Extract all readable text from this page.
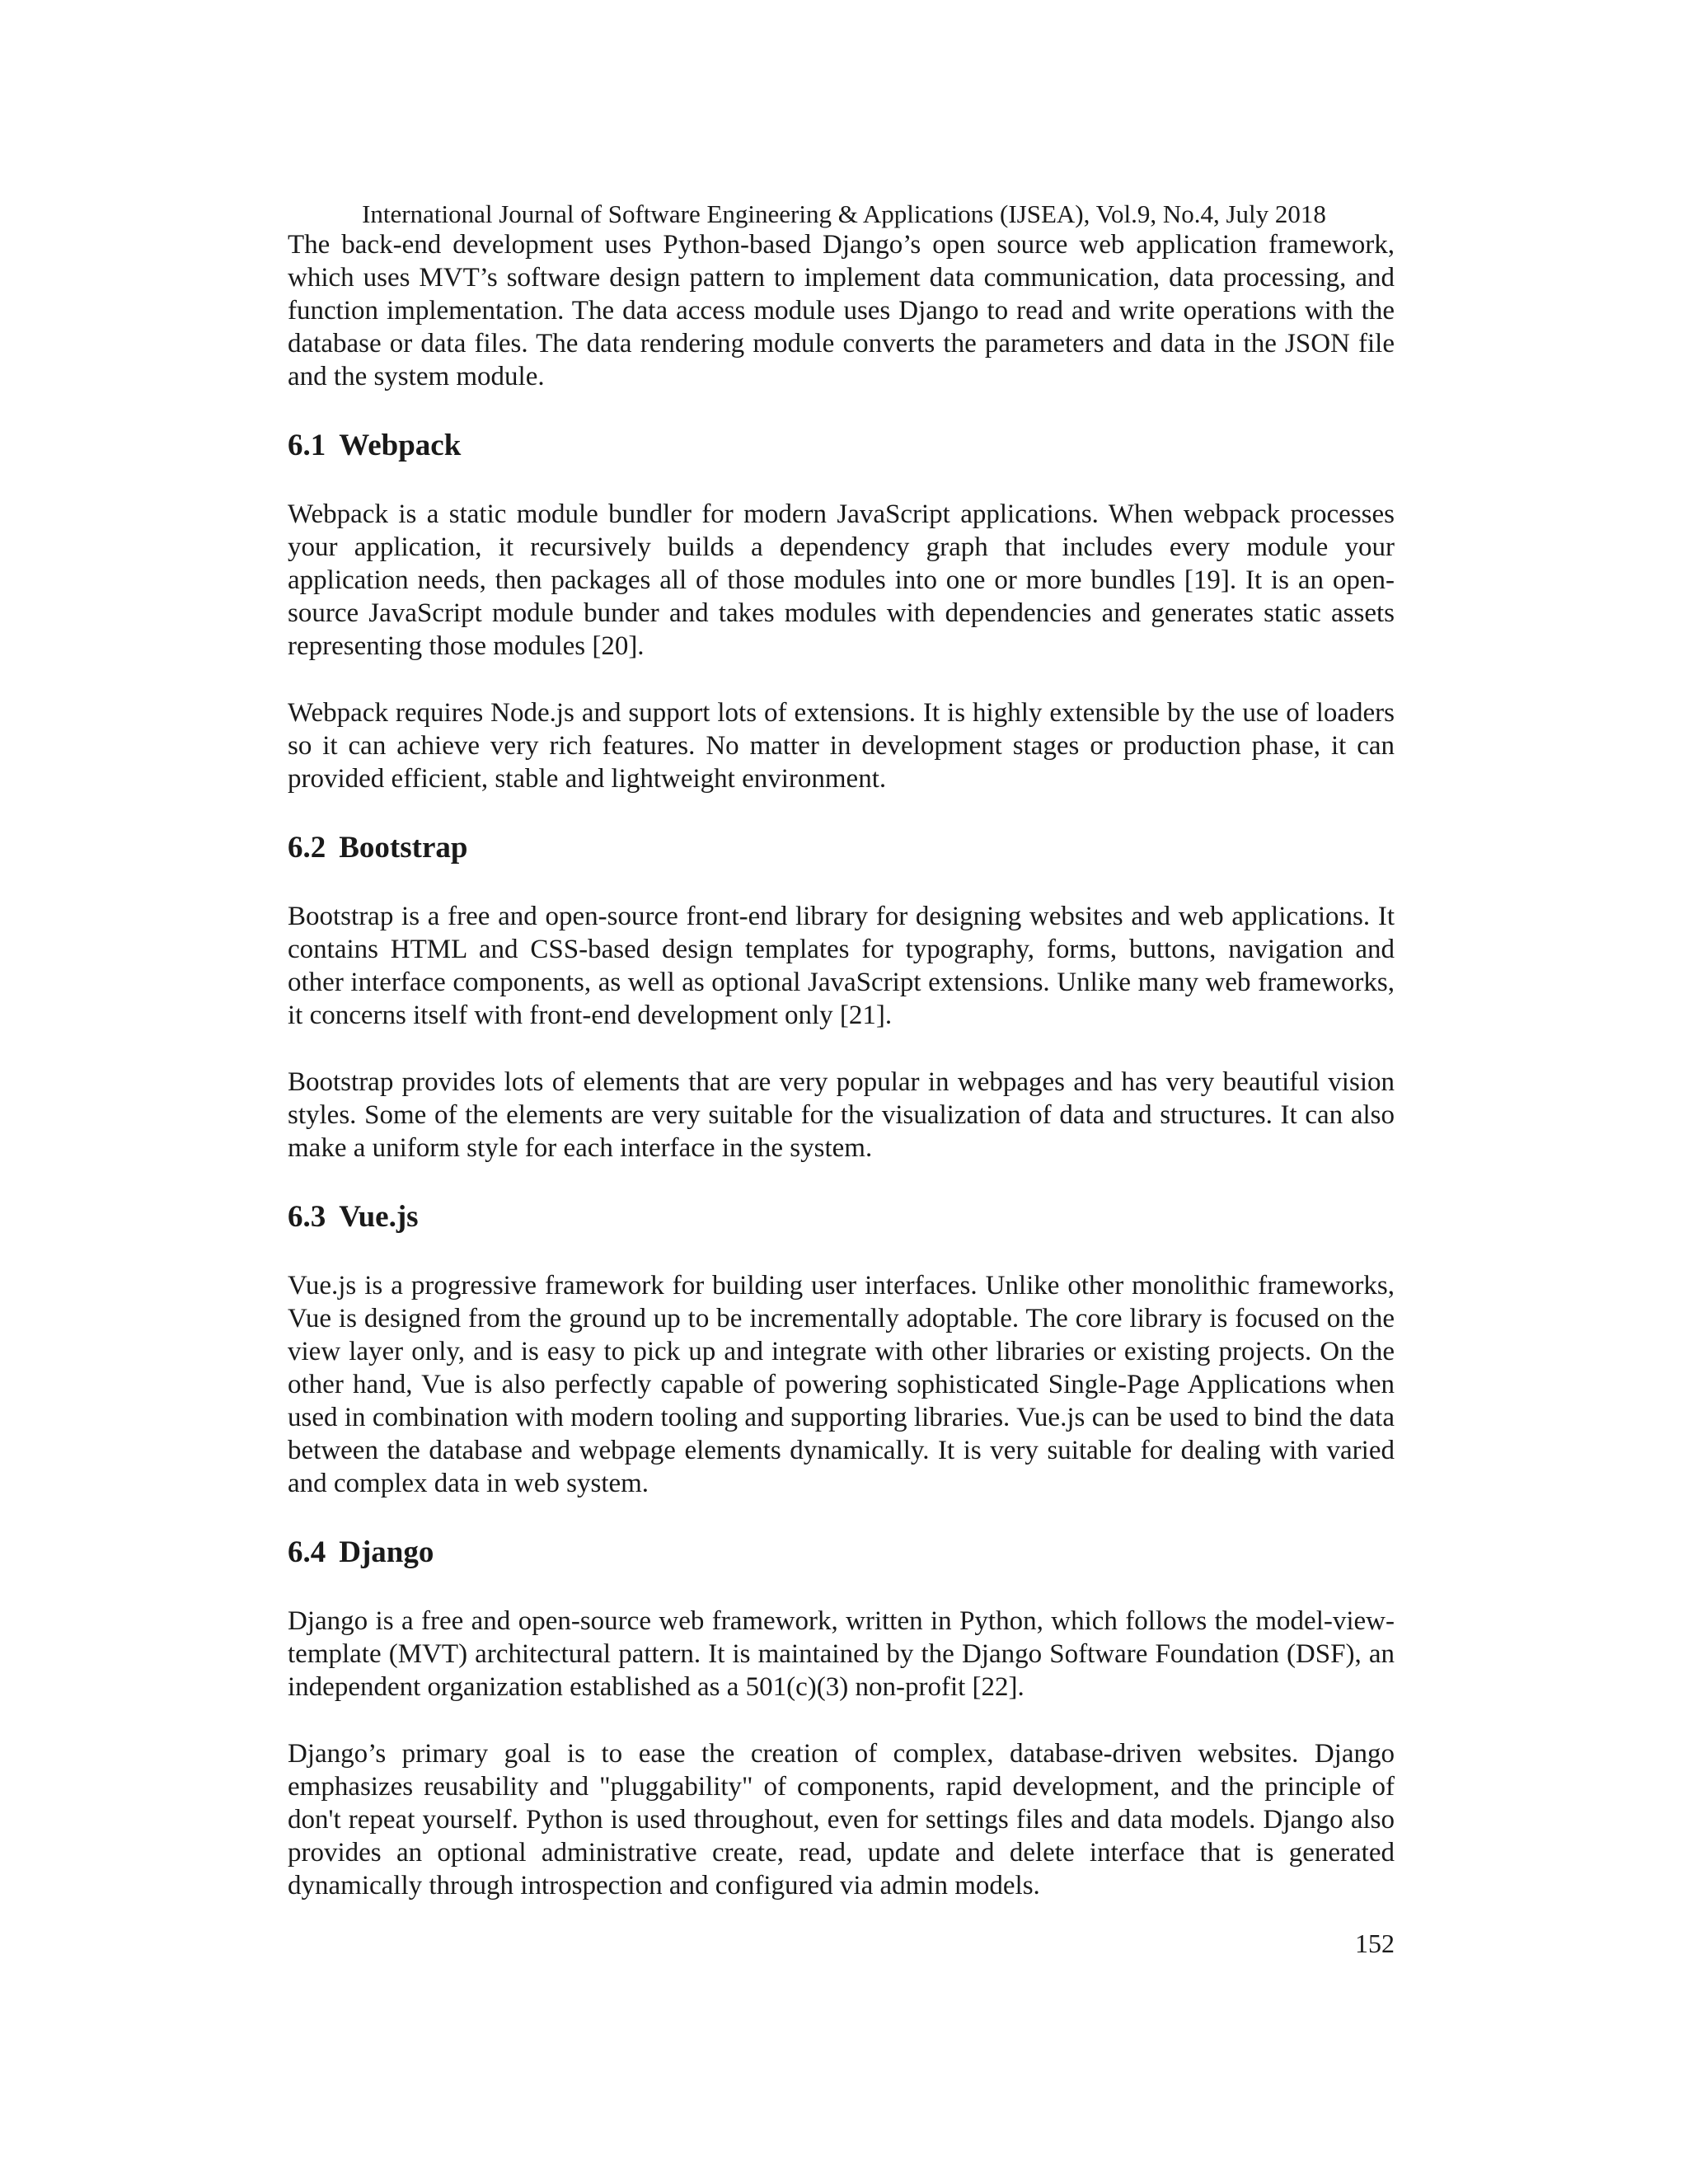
International Journal of Software Engineering & Applications (IJSEA), Vol.9, No.4, July 2018

The back-end development uses Python-based Django’s open source web application framework, which uses MVT’s software design pattern to implement data communication, data processing, and function implementation. The data access module uses Django to read and write operations with the database or data files. The data rendering module converts the parameters and data in the JSON file and the system module.

6.1 Webpack

Webpack is a static module bundler for modern JavaScript applications. When webpack processes your application, it recursively builds a dependency graph that includes every module your application needs, then packages all of those modules into one or more bundles [19]. It is an open-source JavaScript module bunder and takes modules with dependencies and generates static assets representing those modules [20].

Webpack requires Node.js and support lots of extensions. It is highly extensible by the use of loaders so it can achieve very rich features. No matter in development stages or production phase, it can provided efficient, stable and lightweight environment.

6.2 Bootstrap

Bootstrap is a free and open-source front-end library for designing websites and web applications. It contains HTML and CSS-based design templates for typography, forms, buttons, navigation and other interface components, as well as optional JavaScript extensions. Unlike many web frameworks, it concerns itself with front-end development only [21].

Bootstrap provides lots of elements that are very popular in webpages and has very beautiful vision styles. Some of the elements are very suitable for the visualization of data and structures. It can also make a uniform style for each interface in the system.

6.3 Vue.js

Vue.js is a progressive framework for building user interfaces. Unlike other monolithic frameworks, Vue is designed from the ground up to be incrementally adoptable. The core library is focused on the view layer only, and is easy to pick up and integrate with other libraries or existing projects. On the other hand, Vue is also perfectly capable of powering sophisticated Single-Page Applications when used in combination with modern tooling and supporting libraries. Vue.js can be used to bind the data between the database and webpage elements dynamically. It is very suitable for dealing with varied and complex data in web system.

6.4 Django

Django is a free and open-source web framework, written in Python, which follows the model-view-template (MVT) architectural pattern. It is maintained by the Django Software Foundation (DSF), an independent organization established as a 501(c)(3) non-profit [22].

Django’s primary goal is to ease the creation of complex, database-driven websites. Django emphasizes reusability and "pluggability" of components, rapid development, and the principle of don't repeat yourself. Python is used throughout, even for settings files and data models. Django also provides an optional administrative create, read, update and delete interface that is generated dynamically through introspection and configured via admin models.

152
